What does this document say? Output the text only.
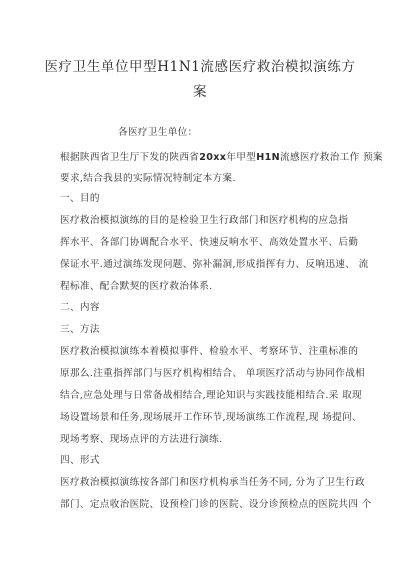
医疗卫生单位甲型H1N1流感医疗救治模拟演练方
案
各医疗卫生单位：
根据陕西省卫生厅下发的陕西省20xx年甲型H1N流感医疗救治工作 预案
要求,结合我县的实际情况特制定本方案.
一、目的
医疗救治模拟演练的目的是检验卫生行政部门和医疗机构的应急指
挥水平、各部门协调配合水平、快速反响水平、高效处置水平、后勤
保证水平.通过演练发现问题、弥补漏洞,形成指挥有力、反响迅速、 流
程标准、配合默契的医疗救治体系.
二、内容
三、方法
医疗救治模拟演练本着模拟事件、检验水平、考察环节、注重标准的
原那么.注重指挥部门与医疗机构相结合、 单项医疗活动与协同作战相
结合,应急处理与日常备战相结合,理论知识与实践技能相结合.采 取现
场设置场景和任务,现场展开工作环节,现场演练工作流程,现 场提问、
现场考察、现场点评的方法进行演练.
四、形式
医疗救治模拟演练按各部门和医疗机构承当任务不同, 分为了卫生行政
部门、定点收治医院、设预检门诊的医院、设分诊预检点的医院共四 个
